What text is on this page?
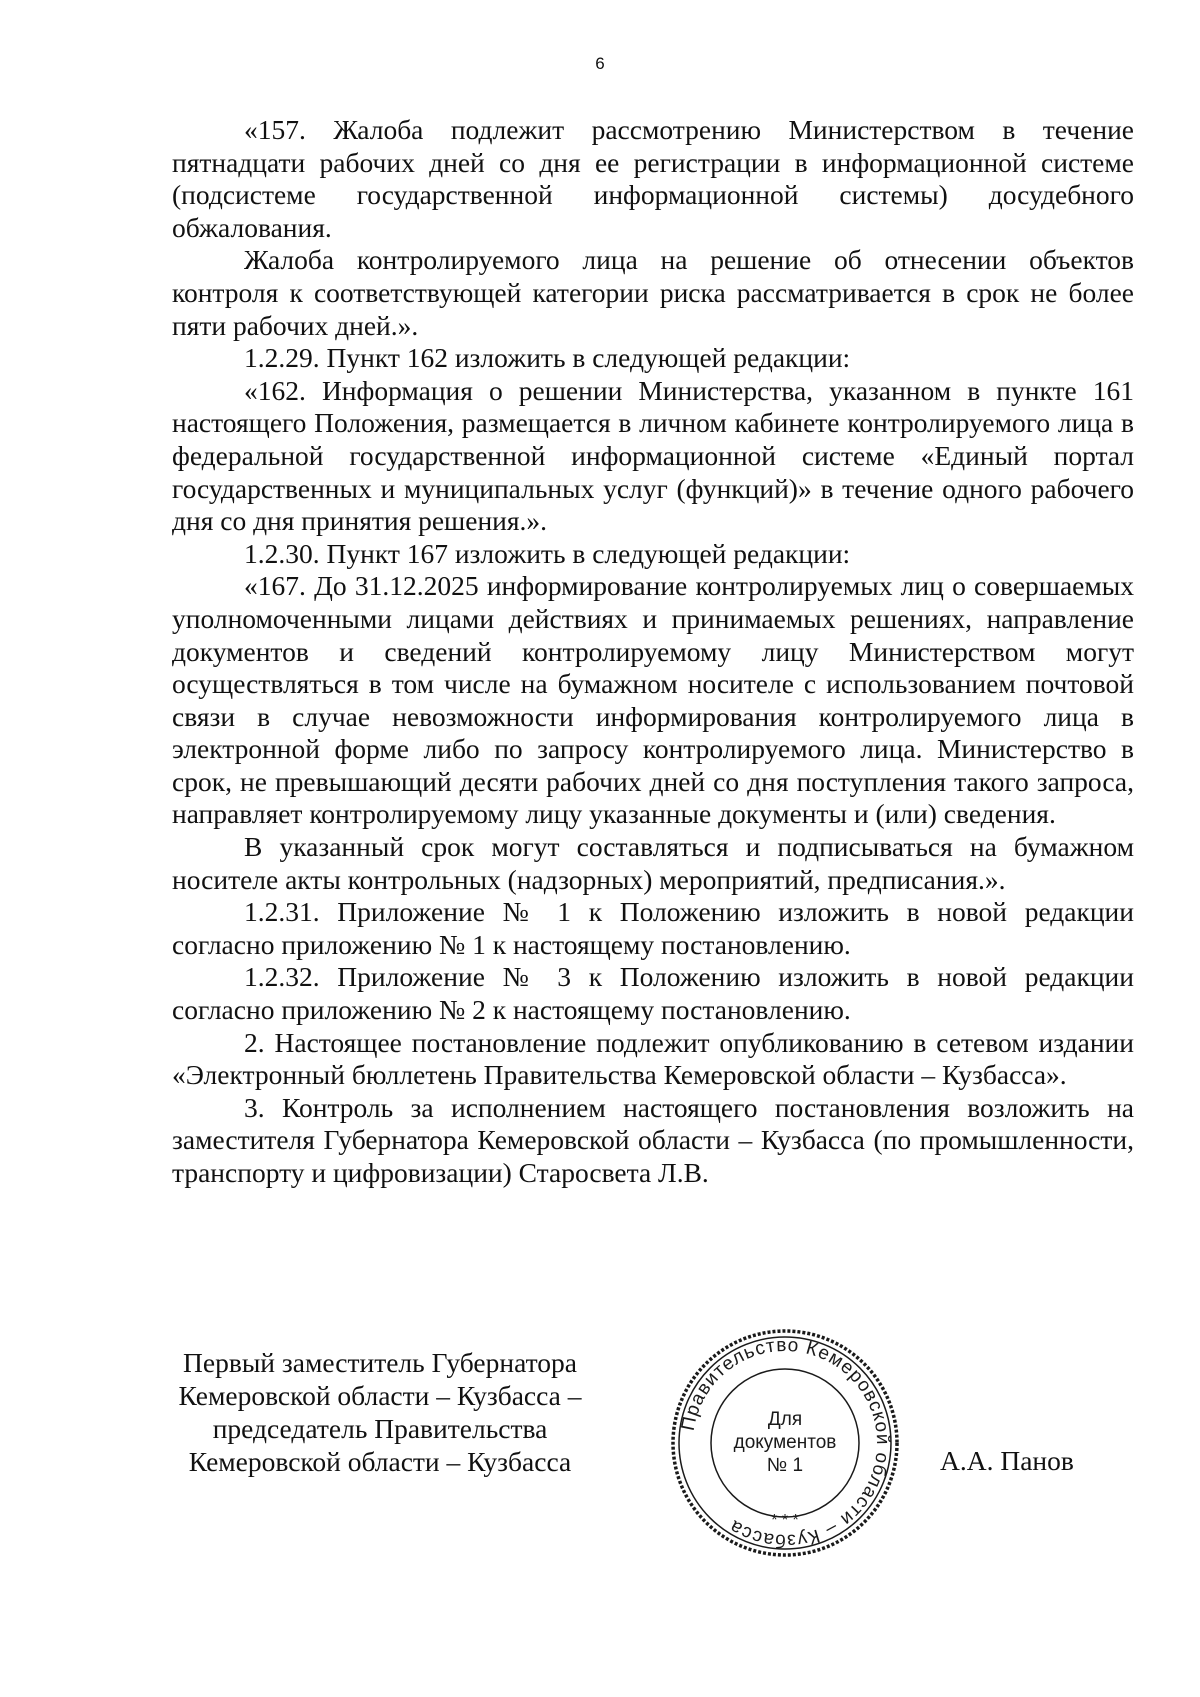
6

«157. Жалоба подлежит рассмотрению Министерством в течение пятнадцати рабочих дней со дня ее регистрации в информационной системе (подсистеме государственной информационной системы) досудебного обжалования.

Жалоба контролируемого лица на решение об отнесении объектов контроля к соответствующей категории риска рассматривается в срок не более пяти рабочих дней.».

1.2.29. Пункт 162 изложить в следующей редакции:

«162. Информация о решении Министерства, указанном в пункте 161 настоящего Положения, размещается в личном кабинете контролируемого лица в федеральной государственной информационной системе «Единый портал государственных и муниципальных услуг (функций)» в течение одного рабочего дня со дня принятия решения.».

1.2.30. Пункт 167 изложить в следующей редакции:

«167. До 31.12.2025 информирование контролируемых лиц о совершаемых уполномоченными лицами действиях и принимаемых решениях, направление документов и сведений контролируемому лицу Министерством могут осуществляться в том числе на бумажном носителе с использованием почтовой связи в случае невозможности информирования контролируемого лица в электронной форме либо по запросу контролируемого лица. Министерство в срок, не превышающий десяти рабочих дней со дня поступления такого запроса, направляет контролируемому лицу указанные документы и (или) сведения.

В указанный срок могут составляться и подписываться на бумажном носителе акты контрольных (надзорных) мероприятий, предписания.».

1.2.31. Приложение № 1 к Положению изложить в новой редакции согласно приложению № 1 к настоящему постановлению.

1.2.32. Приложение № 3 к Положению изложить в новой редакции согласно приложению № 2 к настоящему постановлению.

2. Настоящее постановление подлежит опубликованию в сетевом издании «Электронный бюллетень Правительства Кемеровской области – Кузбасса».

3. Контроль за исполнением настоящего постановления возложить на заместителя Губернатора Кемеровской области – Кузбасса (по промышленности, транспорту и цифровизации) Старосвета Л.В.

Первый заместитель Губернатора
Кемеровской области – Кузбасса –
председатель Правительства
Кемеровской области – Кузбасса
Правительство Кемеровской области – Кузбасса	* * *
Для
документов
№ 1	А.А. Панов
